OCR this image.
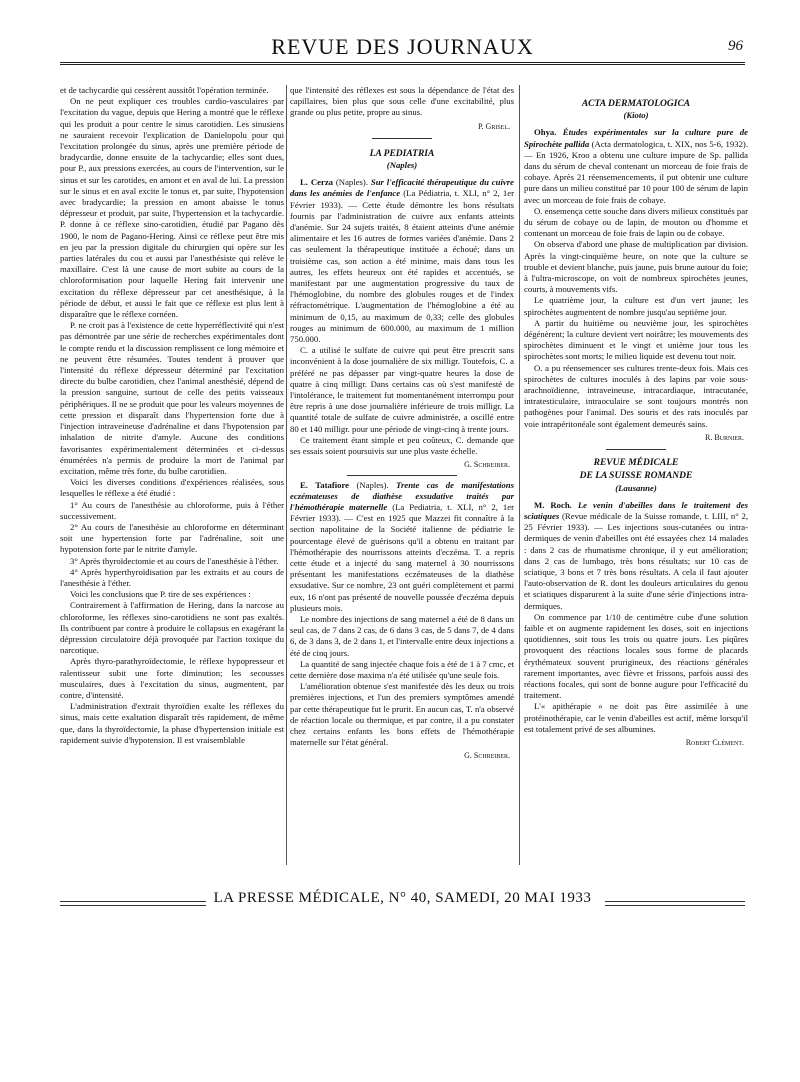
REVUE DES JOURNAUX	96

et de tachycardie qui cessèrent aussitôt l'opération terminée.

On ne peut expliquer ces troubles cardio-vasculaires par l'excitation du vague, depuis que Hering a montré que le réflexe qui les produit a pour centre le sinus carotidien. Les sinusiens ne sauraient recevoir l'explication de Danielopolu pour qui l'excitation prolongée du sinus, après une première période de bradycardie, donne ensuite de la tachycardie; elles sont dues, pour P., aux pressions exercées, au cours de l'intervention, sur le sinus et sur les carotides, en amont et en aval de lui. La pression sur le sinus et en aval excite le tonus et, par suite, l'hypotension avec bradycardie; la pression en amont abaisse le tonus dépresseur et produit, par suite, l'hypertension et la tachycardie. P. donne à ce réflexe sino-carotidien, étudié par Pagano dès 1900, le nom de Pagano-Hering. Ainsi ce réflexe peut être mis en jeu par la pression digitale du chirurgien qui opère sur les parties latérales du cou et aussi par l'anesthésiste qui relève le maxillaire. C'est là une cause de mort subite au cours de la chloroformisation pour laquelle Hering fait intervenir une excitation du réflexe dépresseur par cet anesthésique, à la période de début, et aussi le fait que ce réflexe est plus lent à disparaître que le réflexe cornéen.

P. ne croit pas à l'existence de cette hyperréflectivité qui n'est pas démontrée par une série de recherches expérimentales dont le compte rendu et la discussion remplissent ce long mémoire et ne peuvent être résumées. Toutes tendent à prouver que l'intensité du réflexe dépresseur déterminé par l'excitation directe du bulbe carotidien, chez l'animal anesthésié, dépend de la pression sanguine, surtout de celle des petits vaisseaux périphériques. Il ne se produit que pour les valeurs moyennes de cette pression et disparaît dans l'hypertension forte due à l'injection intraveineuse d'adrénaline et dans l'hypotension par inhalation de nitrite d'amyle. Aucune des conditions favorisantes expérimentalement déterminées et ci-dessus énumérées n'a permis de produire la mort de l'animal par excitation, même très forte, du bulbe carotidien.

Voici les diverses conditions d'expériences réalisées, sous lesquelles le réflexe a été étudié :

1° Au cours de l'anesthésie au chloroforme, puis à l'éther successivement.

2° Au cours de l'anesthésie au chloroforme en déterminant soit une hypertension forte par l'adrénaline, soit une hypotension forte par le nitrite d'amyle.

3° Après thyroïdectomie et au cours de l'anesthésie à l'éther.

4° Après hyperthyroïdisation par les extraits et au cours de l'anesthésie à l'éther.

Voici les conclusions que P. tire de ses expériences :

Contrairement à l'affirmation de Hering, dans la narcose au chloroforme, les réflexes sino-carotidiens ne sont pas exaltés. Ils contribuent par contre à produire le collapsus en exagérant la dépression circulatoire déjà provoquée par l'action toxique du narcotique.

Après thyro-parathyroïdectomie, le réflexe hypopresseur et ralentisseur subit une forte diminution; les secousses musculaires, dues à l'excitation du sinus, augmentent, par contre, d'intensité.

L'administration d'extrait thyroïdien exalte les réflexes du sinus, mais cette exaltation disparaît très rapidement, de même que, dans la thyroïdectomie, la phase d'hypertension initiale est rapidement suivie d'hypotension. Il est vraisemblable

que l'intensité des réflexes est sous la dépendance de l'état des capillaires, bien plus que sous celle d'une excitabilité, plus grande ou plus petite, propre au sinus.

P. Grisel.
LA PEDIATRIA
(Naples)

L. Cerza (Naples). Sur l'efficacité thérapeutique du cuivre dans les anémies de l'enfance (La Pédiatria, t. XLI, n° 2, 1er Février 1933). — Cette étude démontre les bons résultats fournis par l'administration de cuivre aux enfants atteints d'anémie. Sur 24 sujets traités, 8 étaient atteints d'une anémie alimentaire et les 16 autres de formes variées d'anémie. Dans 2 cas seulement la thérapeutique instituée a échoué; dans un troisième cas, son action a été minime, mais dans tous les autres, les effets heureux ont été rapides et accentués, se manifestant par une augmentation progressive du taux de l'hémoglobine, du nombre des globules rouges et de l'index réfractométrique. L'augmentation de l'hémoglobine a été au minimum de 0,15, au maximum de 0,33; celle des globules rouges au minimum de 600.000, au maximum de 1 million 750.000.

C. a utilisé le sulfate de cuivre qui peut être prescrit sans inconvénient à la dose journalière de six milligr. Toutefois, C. a préféré ne pas dépasser par vingt-quatre heures la dose de quatre à cinq milligr. Dans certains cas où s'est manifesté de l'intolérance, le traitement fut momentanément interrompu pour être repris à une dose journalière inférieure de trois milligr. La quantité totale de sulfate de cuivre administrée, a oscillé entre 80 et 140 milligr. pour une période de vingt-cinq à trente jours.

Ce traitement étant simple et peu coûteux, C. demande que ses essais soient poursuivis sur une plus vaste échelle.

G. Schreiber.

E. Tatafiore (Naples). Trente cas de manifestations eczémateuses de diathèse exsudative traités par l'hémothérapie maternelle (La Pediatria, t. XLI, n° 2, 1er Février 1933). — C'est en 1925 que Mazzei fit connaître à la section napolitaine de la Société italienne de pédiatrie le pourcentage élevé de guérisons qu'il a obtenu en traitant par l'hémothérapie des nourrissons atteints d'eczéma. T. a repris cette étude et a injecté du sang maternel à 30 nourrissons présentant les manifestations eczémateuses de la diathèse exsudative. Sur ce nombre, 23 ont guéri complètement et parmi eux, 16 n'ont pas présenté de nouvelle poussée d'eczéma depuis plusieurs mois.

Le nombre des injections de sang maternel a été de 8 dans un seul cas, de 7 dans 2 cas, de 6 dans 3 cas, de 5 dans 7, de 4 dans 6, de 3 dans 3, de 2 dans 1, et l'intervalle entre deux injections a été de cinq jours.

La quantité de sang injectée chaque fois a été de 1 à 7 cmc, et cette dernière dose maxima n'a été utilisée qu'une seule fois.

L'amélioration obtenue s'est manifestée dès les deux ou trois premières injections, et l'un des premiers symptômes amendé par cette thérapeutique fut le prurit. En aucun cas, T. n'a observé de réaction locale ou thermique, et par contre, il a pu constater chez certains enfants les bons effets de l'hémothérapie maternelle sur l'état général.

G. Schreiber.
ACTA DERMATOLOGICA
(Kioto)

Ohya. Études expérimentales sur la culture pure de Spirochète pallida (Acta dermatologica, t. XIX, nos 5-6, 1932). — En 1926, Kroo a obtenu une culture impure de Sp. pallida dans du sérum de cheval contenant un morceau de foie frais de cobaye. Après 21 réensemencements, il put obtenir une culture pure dans un milieu constitué par 10 pour 100 de sérum de lapin avec un morceau de foie frais de cobaye.

O. ensemença cette souche dans divers milieux constitués par du sérum de cobaye ou de lapin, de mouton ou d'homme et contenant un morceau de foie frais de lapin ou de cobaye.

On observa d'abord une phase de multiplication par division. Après la vingt-cinquième heure, on note que la culture se trouble et devient blanche, puis jaune, puis brune autour du foie; à l'ultra-microscope, on voit de nombreux spirochètes jeunes, courts, à mouvements vifs.

Le quatrième jour, la culture est d'un vert jaune; les spirochètes augmentent de nombre jusqu'au septième jour.

A partir du huitième ou neuvième jour, les spirochètes dégénèrent; la culture devient vert noirâtre; les mouvements des spirochètes diminuent et le vingt et unième jour tous les spirochètes sont morts; le milieu liquide est devenu tout noir.

O. a pu réensemencer ses cultures trente-deux fois. Mais ces spirochètes de cultures inoculés à des lapins par voie sous-arachnoïdienne, intraveineuse, intracardiaque, intracutanée, intratesticulaire, intraoculaire se sont toujours montrés non pathogènes pour l'animal. Des souris et des rats inoculés par voie intrapéritonéale sont également demeurés sains.

R. Burnier.
REVUE MÉDICALE
DE LA SUISSE ROMANDE
(Lausanne)

M. Roch. Le venin d'abeilles dans le traitement des sciatiques (Revue médicale de la Suisse romande, t. LIII, n° 2, 25 Février 1933). — Les injections sous-cutanées ou intra-dermiques de venin d'abeilles ont été essayées chez 14 malades : dans 2 cas de rhumatisme chronique, il y eut amélioration; dans 2 cas de lumbago, très bons résultats; sur 10 cas de sciatique, 3 bons et 7 très bons résultats. A cela il faut ajouter l'auto-observation de R. dont les douleurs articulaires du genou et sciatiques disparurent à la suite d'une série d'injections intra-dermiques.

On commence par 1/10 de centimètre cube d'une solution faible et on augmente rapidement les doses, soit en injections quotidiennes, soit tous les trois ou quatre jours. Les piqûres provoquent des réactions locales sous forme de placards érythémateux souvent prurigineux, des réactions générales rarement importantes, avec fièvre et frissons, parfois aussi des réactions focales, qui sont de bonne augure pour l'efficacité du traitement.

L'« apithérapie » ne doit pas être assimilée à une protéinothérapie, car le venin d'abeilles est actif, même lorsqu'il est totalement privé de ses albumines.

Robert Clément.
LA PRESSE MÉDICALE, N° 40, SAMEDI, 20 MAI 1933
